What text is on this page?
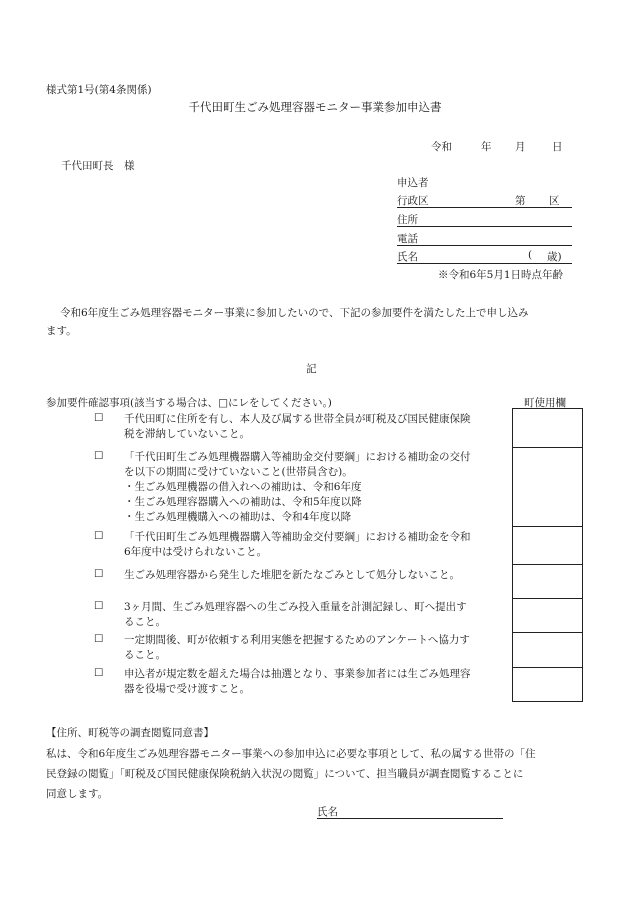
様式第1号(第4条関係)
千代田町生ごみ処理容器モニター事業参加申込書
令和	年 月	日
千代田町長　様
申込者
行政区	第 区
住所
電話
氏名	( 歳)
※令和6年5月1日時点年齢
令和6年度生ごみ処理容器モニター事業に参加したいので、下記の参加要件を満たした上で申し込み
ます。
記
参加要件確認事項(該当する場合は、□にレをしてください。)	町使用欄
☐ 千代田町に住所を有し、本人及び属する世帯全員が町税及び国民健康保険
税を滞納していないこと。
☐ 「千代田町生ごみ処理機器購入等補助金交付要綱」における補助金の交付
を以下の期間に受けていないこと(世帯員含む)。
・生ごみ処理機器の借入れへの補助は、令和6年度
・生ごみ処理容器購入への補助は、令和5年度以降
・生ごみ処理機購入への補助は、令和4年度以降
☐ 「千代田町生ごみ処理機器購入等補助金交付要綱」における補助金を令和
6年度中は受けられないこと。
☐ 生ごみ処理容器から発生した堆肥を新たなごみとして処分しないこと。
☐ 3ヶ月間、生ごみ処理容器への生ごみ投入重量を計測記録し、町へ提出す
ること。
☐ 一定期間後、町が依頼する利用実態を把握するためのアンケートへ協力す
ること。
☐ 申込者が規定数を超えた場合は抽選となり、事業参加者には生ごみ処理容
器を役場で受け渡すこと。
【住所、町税等の調査閲覧同意書】
私は、令和6年度生ごみ処理容器モニター事業への参加申込に必要な事項として、私の属する世帯の「住
民登録の閲覧」「町税及び国民健康保険税納入状況の閲覧」について、担当職員が調査閲覧することに
同意します。
氏名
